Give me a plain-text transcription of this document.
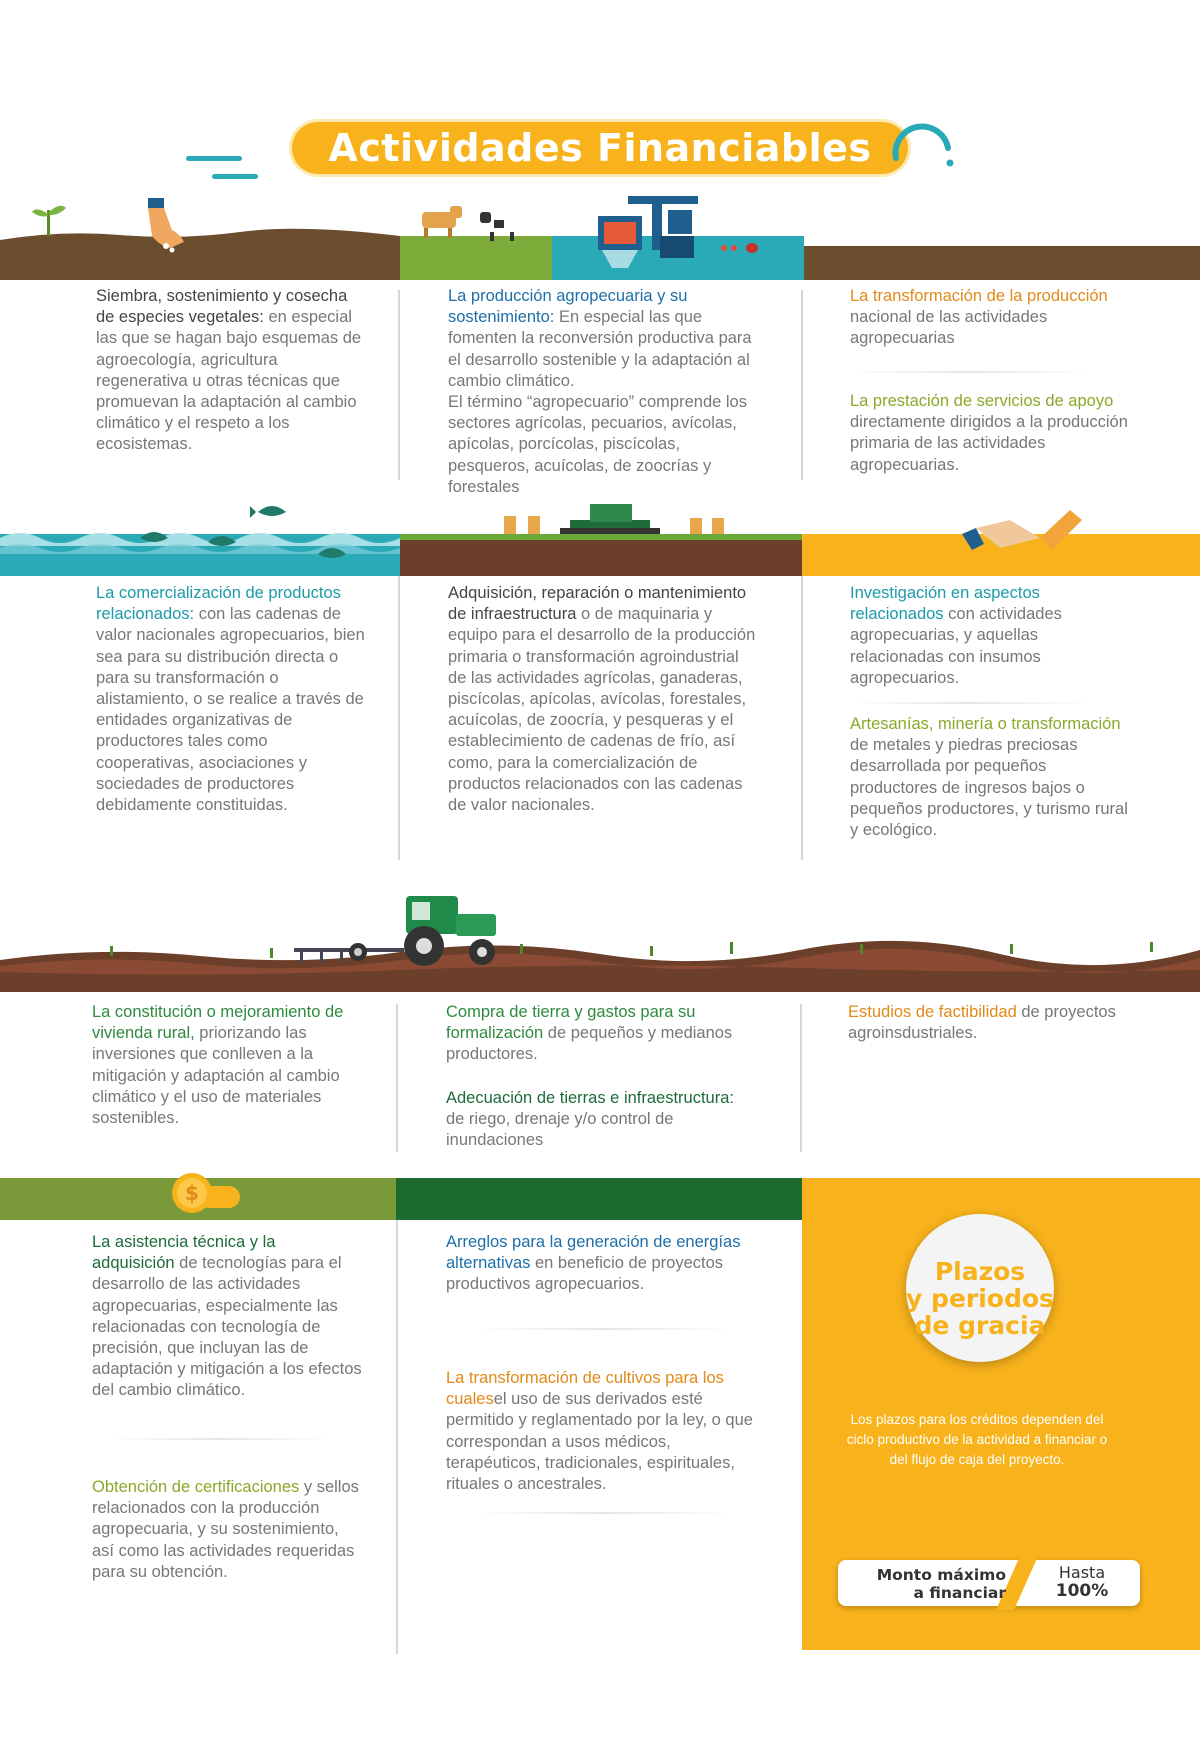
Actividades Financiables
Siembra, sostenimiento y cosecha de especies vegetales: en especial las que se hagan bajo esquemas de agroecología, agricultura regenerativa u otras técnicas que promuevan la adaptación al cambio climático y el respeto a los ecosistemas.
La producción agropecuaria y su sostenimiento: En especial las que fomenten la reconversión productiva para el desarrollo sostenible y la adaptación al cambio climático.
El término “agropecuario” comprende los sectores agrícolas, pecuarios, avícolas, apícolas, porcícolas, piscícolas, pesqueros, acuícolas, de zoocrías y forestales
La transformación de la producción nacional de las actividades agropecuarias
La prestación de servicios de apoyo directamente dirigidos a la producción primaria de las actividades agropecuarias.
La comercialización de productos relacionados: con las cadenas de valor nacionales agropecuarios, bien sea para su distribución directa o para su transformación o alistamiento, o se realice a través de entidades organizativas de productores tales como cooperativas, asociaciones y sociedades de productores debidamente constituidas.
Adquisición, reparación o mantenimiento de infraestructura o de maquinaria y equipo para el desarrollo de la producción primaria o transformación agroindustrial de las actividades agrícolas, ganaderas, piscícolas, apícolas, avícolas, forestales, acuícolas, de zoocría, y pesqueras y el establecimiento de cadenas de frío, así como, para la comercialización de productos relacionados con las cadenas de valor nacionales.
Investigación en aspectos relacionados con actividades agropecuarias, y aquellas relacionadas con insumos agropecuarios.
Artesanías, minería o transformación de metales y piedras preciosas desarrollada por pequeños productores de ingresos bajos o pequeños productores, y turismo rural y ecológico.
La constitución o mejoramiento de vivienda rural, priorizando las inversiones que conlleven a la mitigación y adaptación al cambio climático y el uso de materiales sostenibles.
Compra de tierra y gastos para su formalización de pequeños y medianos productores.
Adecuación de tierras e infraestructura: de riego, drenaje y/o control de inundaciones
Estudios de factibilidad de proyectos agroinsdustriales.
$
Plazos
y periodos
de gracia
Los plazos para los créditos dependen del ciclo productivo de la actividad a financiar o del flujo de caja del proyecto.
Monto máximo
a financiar
Hasta
100%
La asistencia técnica y la adquisición de tecnologías para el desarrollo de las actividades agropecuarias, especialmente las relacionadas con tecnología de precisión, que incluyan las de adaptación y mitigación a los efectos del cambio climático.
Obtención de certificaciones y sellos relacionados con la producción agropecuaria, y su sostenimiento, así como las actividades requeridas para su obtención.
Arreglos para la generación de energías alternativas en beneficio de proyectos productivos agropecuarios.
La transformación de cultivos para los cualesel uso de sus derivados esté permitido y reglamentado por la ley, o que correspondan a usos médicos, terapéuticos, tradicionales, espirituales, rituales o ancestrales.
